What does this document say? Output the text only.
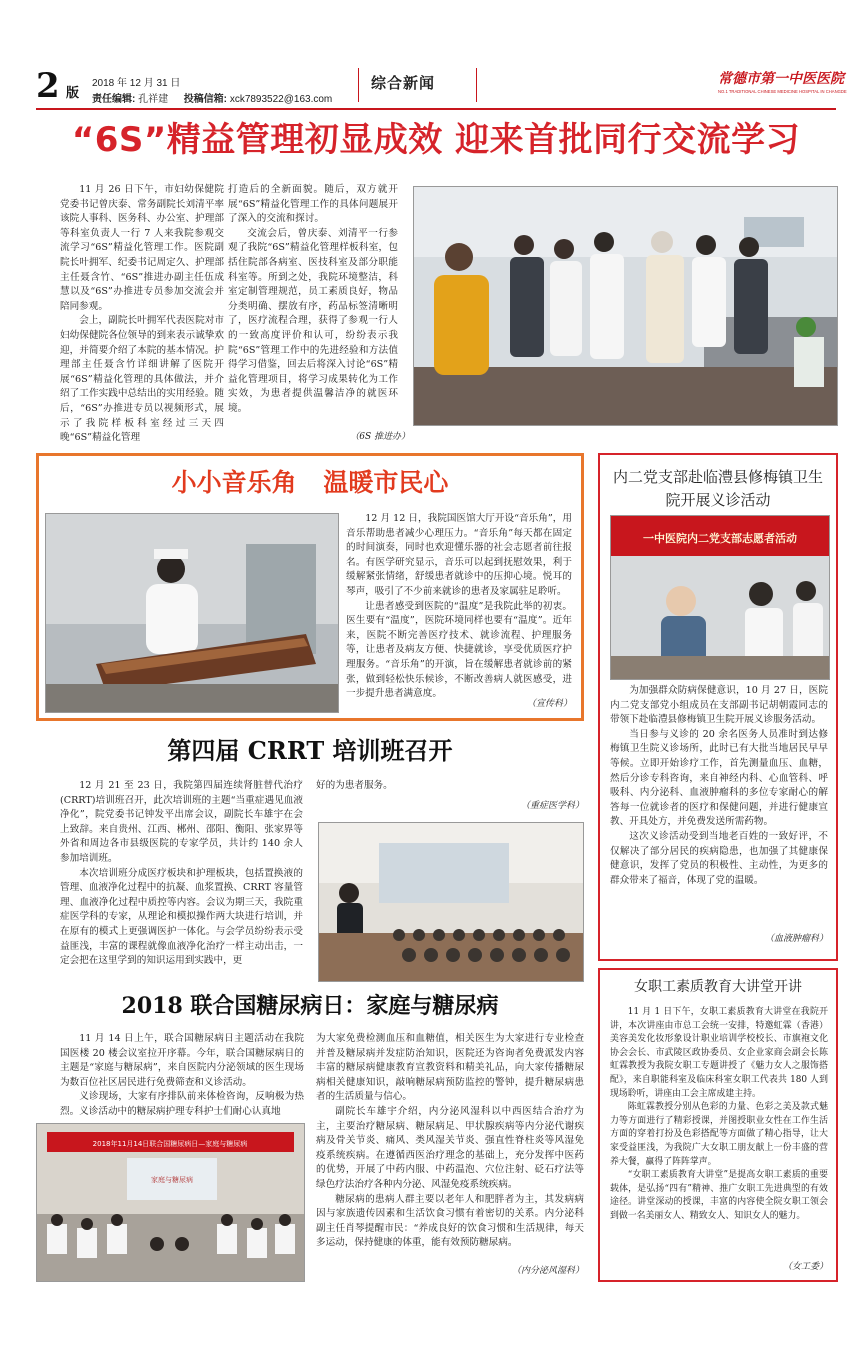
2 版
2018 年 12 月 31 日
责任编辑: 孔祥建 投稿信箱: xck7893522@163.com
综合新闻	常德市第一中医医院
NO.1 TRADITIONAL CHINESE MEDICINE HOSPITAL IN CHANGDE
“6S”精益管理初显成效 迎来首批同行交流学习

11 月 26 日下午，市妇幼保健院党委书记曾庆泰、常务副院长刘清平率该院人事科、医务科、办公室、护理部等科室负责人一行 7 人来我院参观交流学习“6S”精益化管理工作。医院副院长叶拥军、纪委书记周定久、护理部主任聂含竹、“6S”推进办副主任伍成慧以及“6S”办推进专员参加交流会并陪同参观。

会上，副院长叶拥军代表医院对市妇幼保健院各位领导的到来表示诚挚欢迎，并简要介绍了本院的基本情况。护理部主任聂含竹详细讲解了医院开展“6S”精益化管理的具体做法，并介绍了工作实践中总结出的实用经验。随后，“6S”办推进专员以视频形式，展示了我院样板科室经过三天四晚“6S”精益化管理

打造后的全新面貌。随后，双方就开展“6S”精益化管理工作的具体问题展开了深入的交流和探讨。

交流会后，曾庆泰、刘清平一行参观了我院“6S”精益化管理样板科室，包括住院部各病室、医技科室及部分职能科室等。所到之处，我院环境整洁，科室定制管理规范，员工素质良好，物品分类明确、摆放有序，药品标签清晰明了，医疗流程合理，获得了参观一行人的一致高度评价和认可，纷纷表示我院“6S”管理工作中的先进经验和方法值得学习借鉴，回去后将深入讨论“6S”精益化管理项目，将学习成果转化为工作实效，为患者提供温馨洁净的就医环境。

（6S 推进办）
小小音乐角 温暖市民心

12 月 12 日，我院国医馆大厅开设“音乐角”，用音乐帮助患者减少心理压力。“音乐角”每天都在固定的时间演奏，同时也欢迎懂乐器的社会志愿者前往报名。有医学研究显示，音乐可以起到抚慰效果，利于缓解紧张情绪，舒缓患者就诊中的压抑心境。悦耳的琴声，吸引了不少前来就诊的患者及家属驻足聆听。

让患者感受到医院的“温度”是我院此举的初衷。医生要有“温度”，医院环境同样也要有“温度”。近年来，医院不断完善医疗技术、就诊流程、护理服务等，让患者及病友方便、快捷就诊，享受优质医疗护理服务。“音乐角”的开演，旨在缓解患者就诊前的紧张，做到轻松快乐候诊，不断改善病人就医感受，进一步提升患者满意度。

（宣传科）
内二党支部赴临澧县修梅镇卫生院开展义诊活动
一中医院内二党支部志愿者活动

为加强群众防病保健意识，10 月 27 日，医院内二党支部党小组成员在支部副书记胡朝霞同志的带领下赴临澧县修梅镇卫生院开展义诊服务活动。

当日参与义诊的 20 余名医务人员准时到达修梅镇卫生院义诊场所，此时已有大批当地居民早早等候。立即开始诊疗工作，首先测量血压、血糖，然后分诊专科咨询，来自神经内科、心血管科、呼吸科、内分泌科、血液肿瘤科的多位专家耐心的解答每一位就诊者的医疗和保健问题，并进行健康宣教、开具处方，并免费发送所需药物。

这次义诊活动受到当地老百姓的一致好评，不仅解决了部分居民的疾病隐患，也加强了其健康保健意识，发挥了党员的积极性、主动性，为更多的群众带来了福音，体现了党的温暖。

（血液肿瘤科）
第四届 CRRT 培训班召开

12 月 21 至 23 日，我院第四届连续肾脏替代治疗(CRRT)培训班召开，此次培训班的主题“当重症遇见血液净化”，院党委书记钟发平出席会议，副院长车雄宇在会上致辞。来自贵州、江西、郴州、邵阳、衡阳、张家界等外省和周边各市县级医院的专家学员，共计约 140 余人参加培训班。

本次培训班分成医疗板块和护理板块，包括置换液的管理、血液净化过程中的抗凝、血浆置换、CRRT 容量管理、血液净化过程中质控等内容。会议为期三天，我院重症医学科的专家，从理论和模拟操作两大块进行培训，并在原有的模式上更强调医护一体化。与会学员纷纷表示受益匪浅，丰富的课程就像血液净化治疗一样主动出击，一定会把在这里学到的知识运用到实践中，更

好的为患者服务。

（重症医学科）
2018 联合国糖尿病日：家庭与糖尿病

11 月 14 日上午，联合国糖尿病日主题活动在我院国医楼 20 楼会议室拉开序幕。今年，联合国糖尿病日的主题是“家庭与糖尿病”，来自医院内分泌领域的医生现场为数百位社区居民进行免费筛查和义诊活动。

义诊现场，大家有序排队前来体检咨询，反响极为热烈。义诊活动中的糖尿病护理专科护士们耐心认真地

2018年11月14日联合国糖尿病日—家庭与糖尿病
家庭与糖尿病

为大家免费检测血压和血糖值，相关医生为大家进行专业检查并普及糖尿病并发症防治知识，医院还为咨询者免费派发内容丰富的糖尿病健康教育宣教资料和精美礼品，向大家传播糖尿病相关健康知识，敲响糖尿病预防监控的警钟，提升糖尿病患者的生活质量与信心。

副院长车雄宇介绍，内分泌风湿科以中西医结合治疗为主，主要治疗糖尿病、糖尿病足、甲状腺疾病等内分泌代谢疾病及骨关节炎、痛风、类风湿关节炎、强直性脊柱炎等风湿免疫系统疾病。在遵循西医治疗理念的基础上，充分发挥中医药的优势，开展了中药内服、中药温泡、穴位注射、砭石疗法等绿色疗法治疗各种内分泌、风湿免疫系统疾病。

糖尿病的患病人群主要以老年人和肥胖者为主，其发病病因与家族遗传因素和生活饮食习惯有着密切的关系。内分泌科副主任肖琴提醒市民：“养成良好的饮食习惯和生活规律，每天多运动，保持健康的体重，能有效预防糖尿病。

（内分泌风湿科）
女职工素质教育大讲堂开讲

11 月 1 日下午，女职工素质教育大讲堂在我院开讲，本次讲座由市总工会统一安排，特邀虹霖（香港）美容美发化妆形象设计职业培训学校校长、市旗袍文化协会会长、市武陵区政协委员、女企业家商会副会长陈虹霖教授为我院女职工专题讲授了《魅力女人之服饰搭配》，来自职能科室及临床科室女职工代表共 180 人到现场聆听，讲座由工会主席成建主持。

陈虹霖教授分别从色彩的力量、色彩之美及款式魅力等方面进行了精彩授课，并图授职业女性在工作生活方面的穿着打扮及色彩搭配等方面做了精心指导，让大家受益匪浅，为我院广大女职工朋友献上一份丰盛的营养大餐，赢得了阵阵掌声。

“女职工素质教育大讲堂”是提高女职工素质的重要载体，是弘扬“四有”精神、推广女职工先进典型的有效途径。讲堂深动的授课，丰富的内容使全院女职工领会到做一名美丽女人、精致女人、知识女人的魅力。

（女工委）
